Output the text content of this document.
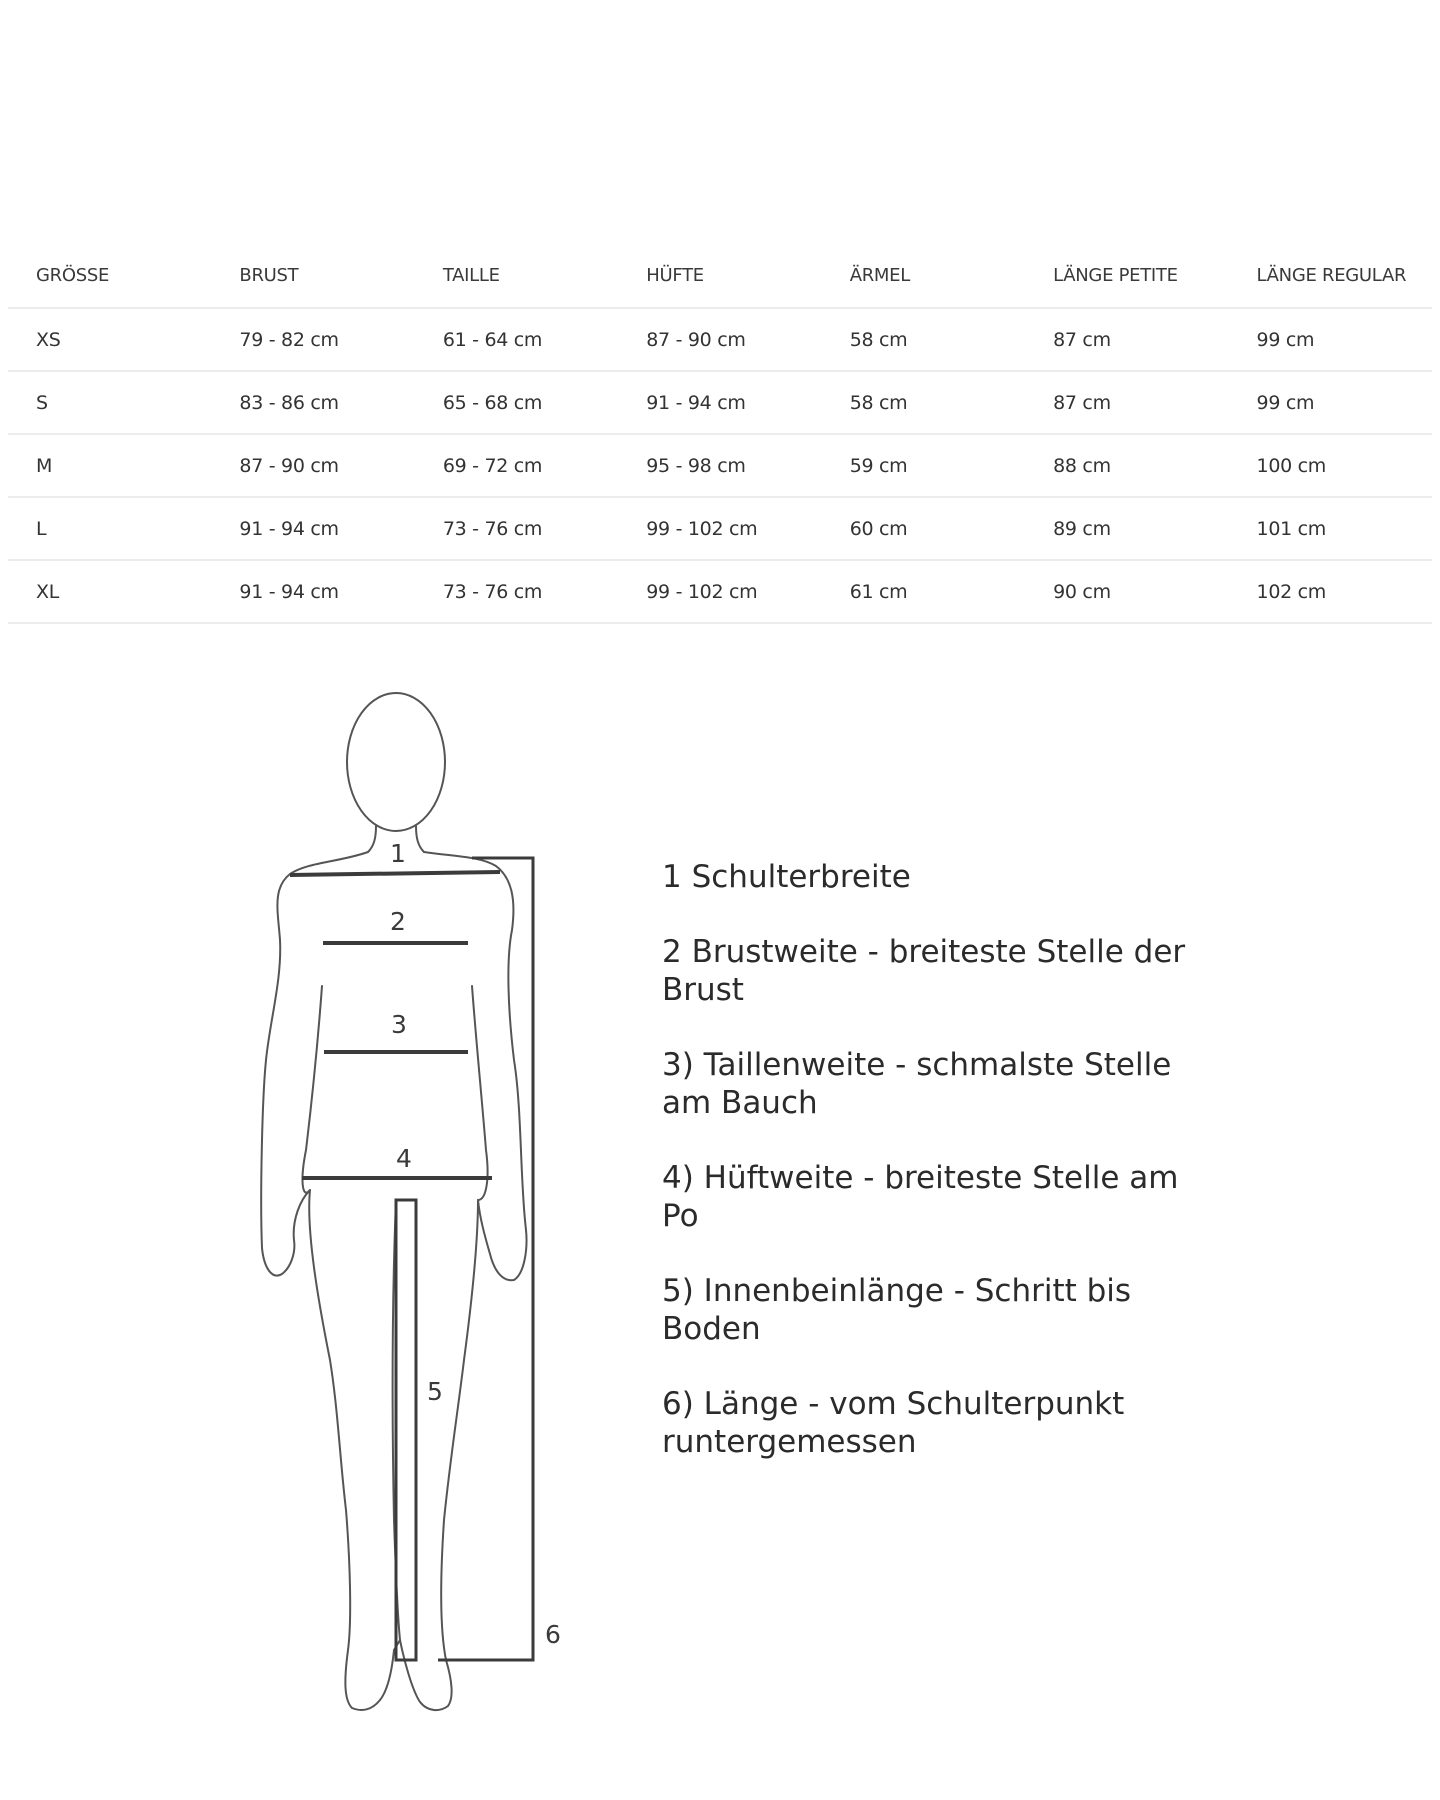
GRÖSSE	BRUST	TAILLE	HÜFTE	ÄRMEL	LÄNGE PETITE	LÄNGE REGULAR
XS	79 - 82 cm	61 - 64 cm	87 - 90 cm	58 cm	87 cm	99 cm
S	83 - 86 cm	65 - 68 cm	91 - 94 cm	58 cm	87 cm	99 cm
M	87 - 90 cm	69 - 72 cm	95 - 98 cm	59 cm	88 cm	100 cm
L	91 - 94 cm	73 - 76 cm	99 - 102 cm	60 cm	89 cm	101 cm
XL	91 - 94 cm	73 - 76 cm	99 - 102 cm	61 cm	90 cm	102 cm
1
2
3
4
5
6
1 Schulterbreite
2 Brustweite - breiteste Stelle der Brust
3) Taillenweite - schmalste Stelle am Bauch
4) Hüftweite - breiteste Stelle am Po
5) Innenbeinlänge - Schritt bis Boden
6) Länge - vom Schulterpunkt runtergemessen
